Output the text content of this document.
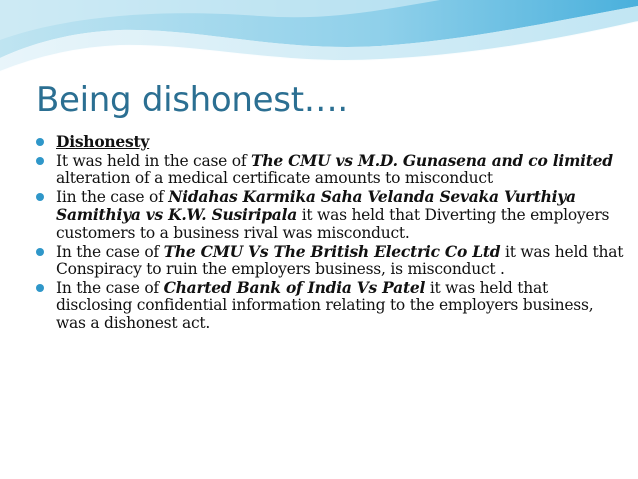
Being dishonest….
Dishonesty
It was held in the case of The CMU vs M.D. Gunasena and co limited alteration of a medical certificate amounts to misconduct
Iin the case of Nidahas Karmika Saha Velanda Sevaka Vurthiya Samithiya vs K.W. Susiripala it was held that Diverting the employers customers to a business rival was misconduct.
In the case of The CMU Vs The British Electric Co Ltd it was held that Conspiracy to ruin the employers business, is misconduct .
In the case of Charted Bank of India Vs Patel it was held that disclosing confidential information relating to the employers business, was a dishonest act.
